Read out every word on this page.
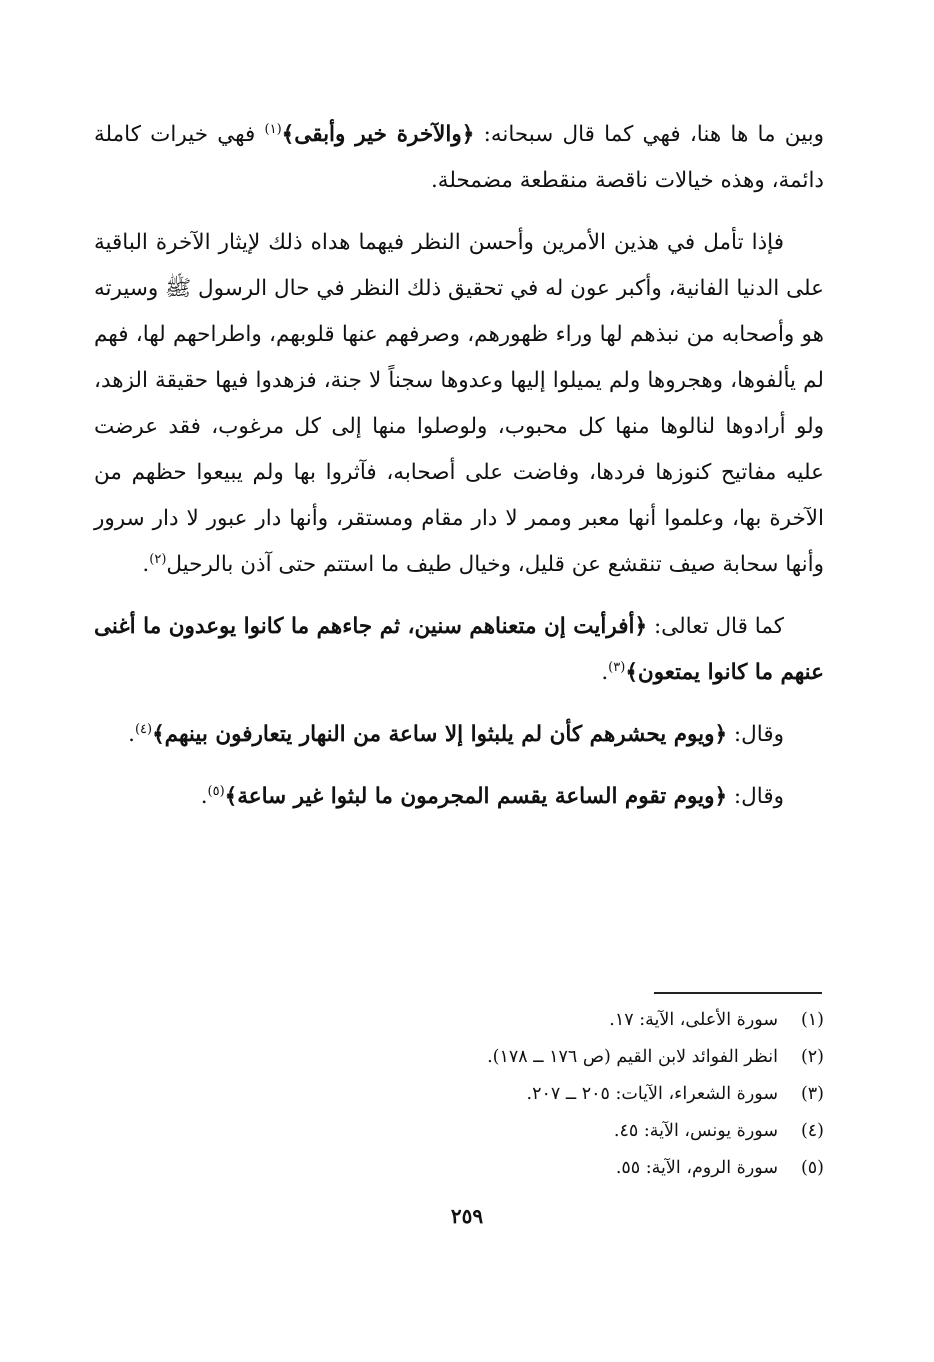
وبين ما ها هنا، فهي كما قال سبحانه: ﴿والآخرة خير وأبقى﴾$^{(١)}$ فهي خيرات كاملة دائمة، وهذه خيالات ناقصة منقطعة مضمحلة.

فإذا تأمل في هذين الأمرين وأحسن النظر فيهما هداه ذلك لإيثار الآخرة الباقية على الدنيا الفانية، وأكبر عون له في تحقيق ذلك النظر في حال الرسول ﷺ وسيرته هو وأصحابه من نبذهم لها وراء ظهورهم، وصرفهم عنها قلوبهم، واطراحهم لها، فهم لم يألفوها، وهجروها ولم يميلوا إليها وعدوها سجناً لا جنة، فزهدوا فيها حقيقة الزهد، ولو أرادوها لنالوها منها كل محبوب، ولوصلوا منها إلى كل مرغوب، فقد عرضت عليه مفاتيح كنوزها فردها، وفاضت على أصحابه، فآثروا بها ولم يبيعوا حظهم من الآخرة بها، وعلموا أنها معبر وممر لا دار مقام ومستقر، وأنها دار عبور لا دار سرور وأنها سحابة صيف تنقشع عن قليل، وخيال طيف ما استتم حتى آذن بالرحيل$^{(٢)}$.

كما قال تعالى: ﴿أفرأيت إن متعناهم سنين، ثم جاءهم ما كانوا يوعدون ما أغنى عنهم ما كانوا يمتعون﴾$^{(٣)}$.

وقال: ﴿ويوم يحشرهم كأن لم يلبثوا إلا ساعة من النهار يتعارفون بينهم﴾$^{(٤)}$.

وقال: ﴿ويوم تقوم الساعة يقسم المجرمون ما لبثوا غير ساعة﴾$^{(٥)}$.

(١)سورة الأعلى، الآية: ١٧.
(٢)انظر الفوائد لابن القيم (ص ١٧٦ ــ ١٧٨).
(٣)سورة الشعراء، الآيات: ٢٠٥ ــ ٢٠٧.
(٤)سورة يونس، الآية: ٤٥.
(٥)سورة الروم، الآية: ٥٥.
٢٥٩
